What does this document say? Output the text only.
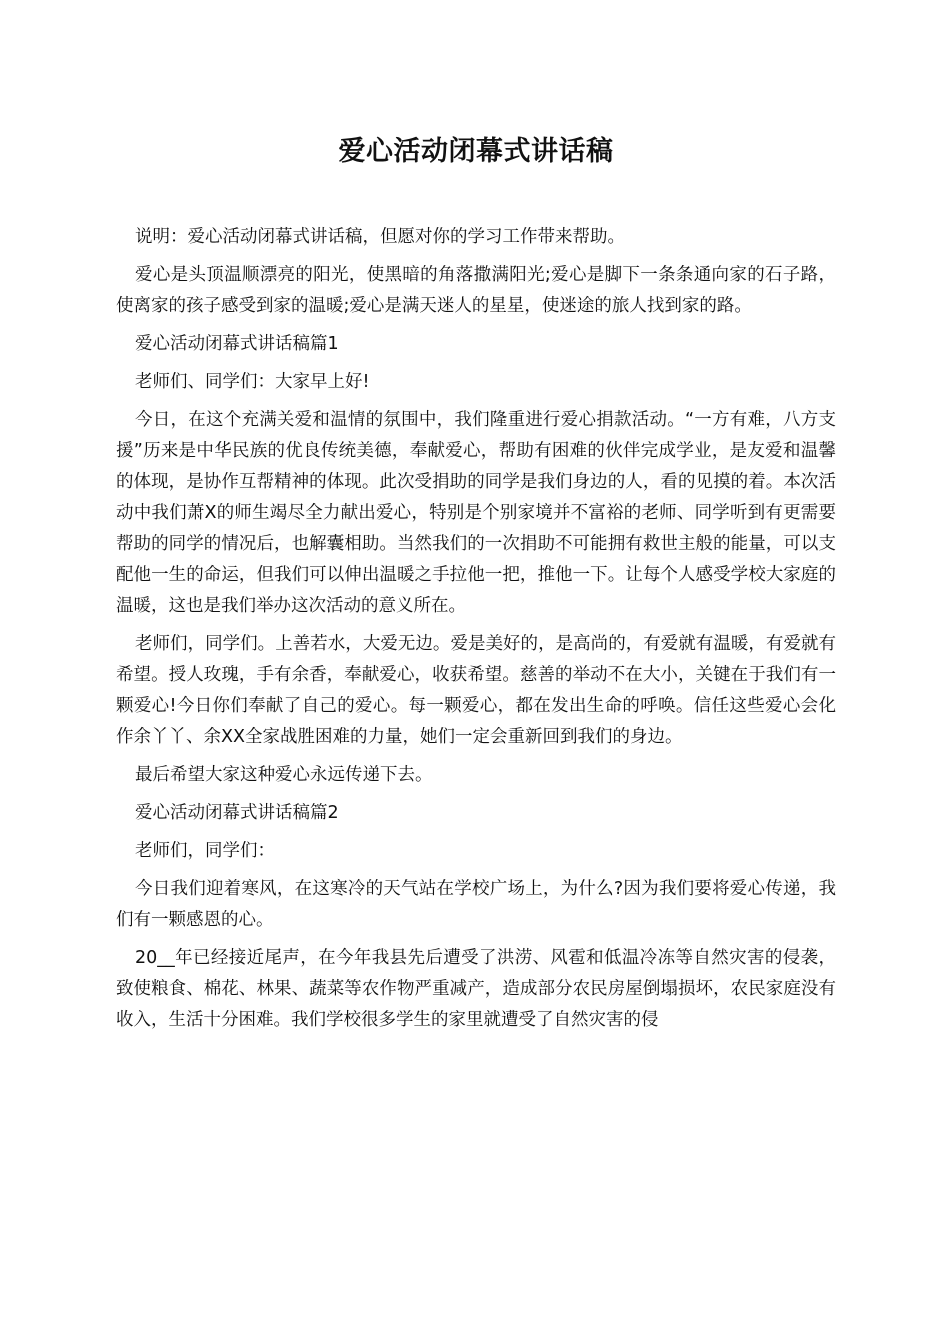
爱心活动闭幕式讲话稿

说明：爱心活动闭幕式讲话稿，但愿对你的学习工作带来帮助。

爱心是头顶温顺漂亮的阳光，使黑暗的角落撒满阳光;爱心是脚下一条条通向家的石子路，使离家的孩子感受到家的温暖;爱心是满天迷人的星星，使迷途的旅人找到家的路。

爱心活动闭幕式讲话稿篇1

老师们、同学们：大家早上好!

今日，在这个充满关爱和温情的氛围中，我们隆重进行爱心捐款活动。“一方有难，八方支援”历来是中华民族的优良传统美德，奉献爱心，帮助有困难的伙伴完成学业，是友爱和温馨的体现，是协作互帮精神的体现。此次受捐助的同学是我们身边的人，看的见摸的着。本次活动中我们萧X的师生竭尽全力献出爱心，特别是个别家境并不富裕的老师、同学听到有更需要帮助的同学的情况后，也解囊相助。当然我们的一次捐助不可能拥有救世主般的能量，可以支配他一生的命运，但我们可以伸出温暖之手拉他一把，推他一下。让每个人感受学校大家庭的温暖，这也是我们举办这次活动的意义所在。

老师们，同学们。上善若水，大爱无边。爱是美好的，是高尚的，有爱就有温暖，有爱就有希望。授人玫瑰，手有余香，奉献爱心，收获希望。慈善的举动不在大小，关键在于我们有一颗爱心!今日你们奉献了自己的爱心。每一颗爱心，都在发出生命的呼唤。信任这些爱心会化作余丫丫、余XX全家战胜困难的力量，她们一定会重新回到我们的身边。

最后希望大家这种爱心永远传递下去。

爱心活动闭幕式讲话稿篇2

老师们，同学们：

今日我们迎着寒风，在这寒冷的天气站在学校广场上，为什么?因为我们要将爱心传递，我们有一颗感恩的心。

20__年已经接近尾声，在今年我县先后遭受了洪涝、风雹和低温冷冻等自然灾害的侵袭，致使粮食、棉花、林果、蔬菜等农作物严重减产，造成部分农民房屋倒塌损坏，农民家庭没有收入，生活十分困难。我们学校很多学生的家里就遭受了自然灾害的侵
